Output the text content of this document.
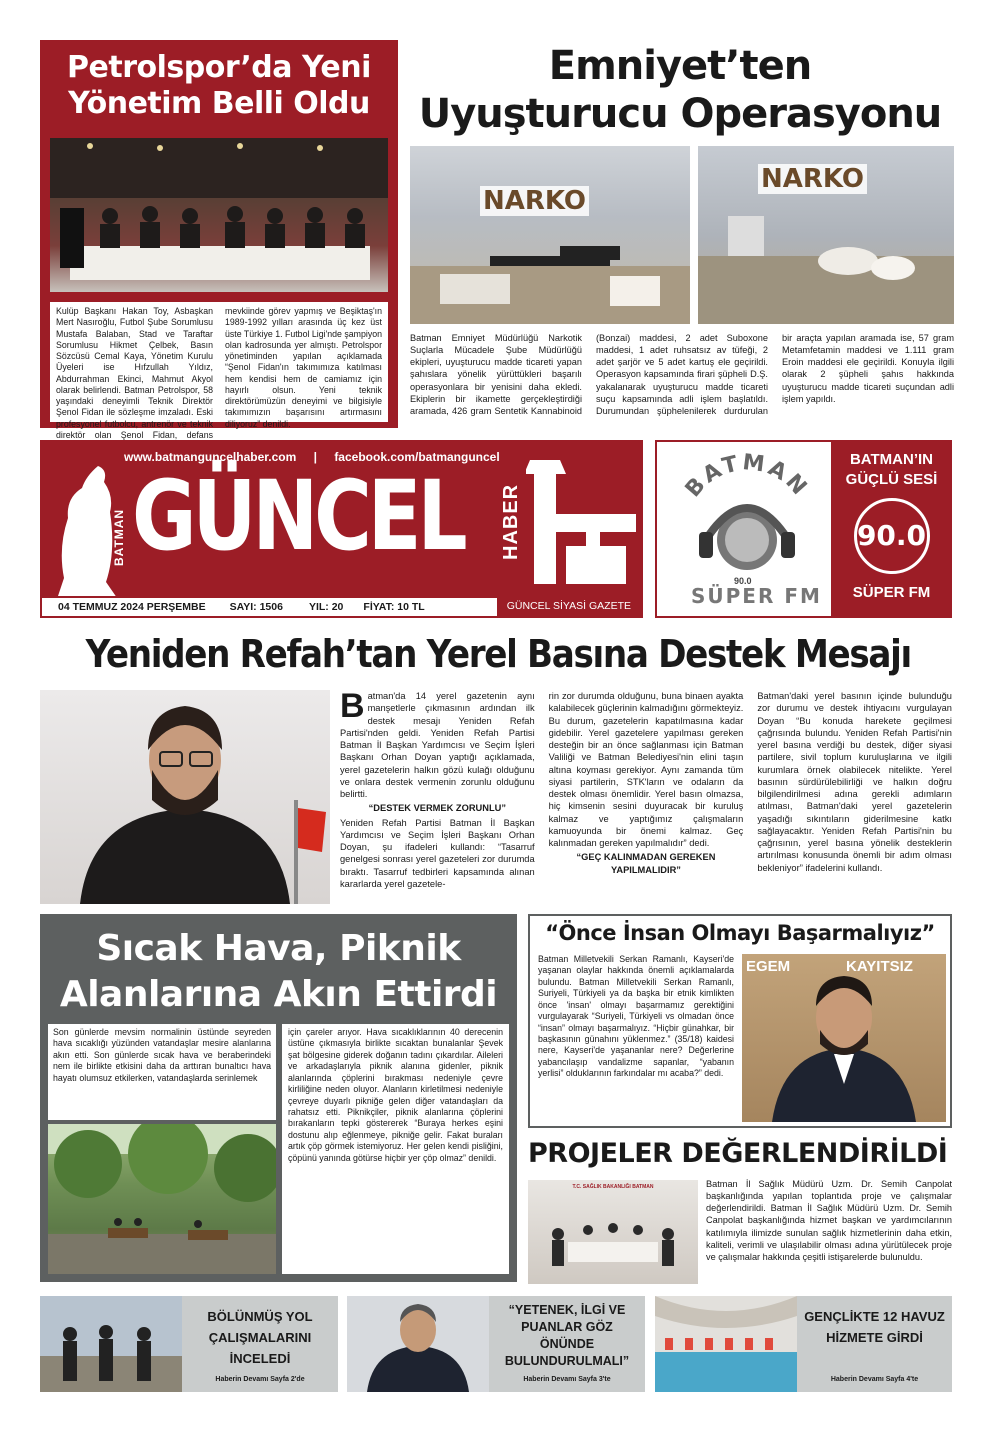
Petrolspor’da Yeni
Yönetim Belli Oldu
Kulüp Başkanı Hakan Toy, Asbaşkan Mert Nasıroğlu, Futbol Şube Sorumlusu Mustafa Balaban, Stad ve Taraftar Sorumlusu Hikmet Çelbek, Basın Sözcüsü Cemal Kaya, Yönetim Kurulu Üyeleri ise Hıfzullah Yıldız, Abdurrahman Ekinci, Mahmut Akyol olarak belirlendi. Batman Petrolspor, 58 yaşındaki deneyimli Teknik Direktör Şenol Fidan ile sözleşme imzaladı. Eski profesyonel futbolcu, antrenör ve teknik direktör olan Şenol Fidan, defans mevkiinde görev yapmış ve Beşiktaş'ın 1989-1992 yılları arasında üç kez üst üste Türkiye 1. Futbol Ligi'nde şampiyon olan kadrosunda yer almıştı. Petrolspor yönetiminden yapılan açıklamada “Şenol Fidan'ın takımımıza katılması hem kendisi hem de camiamız için hayırlı olsun. Yeni teknik direktörümüzün deneyimi ve bilgisiyle takımımızın başarısını artırmasını diliyoruz” denildi.
Emniyet’ten
Uyuşturucu Operasyonu
NARKO
NARKO
Batman Emniyet Müdürlüğü Narkotik Suçlarla Mücadele Şube Müdürlüğü ekipleri, uyuşturucu madde ticareti yapan şahıslara yönelik yürüttükleri başarılı operasyonlara bir yenisini daha ekledi. Ekiplerin bir ikamette gerçekleştirdiği aramada, 426 gram Sentetik Kannabinoid (Bonzai) maddesi, 2 adet Suboxone maddesi, 1 adet ruhsatsız av tüfeği, 2 adet şarjör ve 5 adet kartuş ele geçirildi. Operasyon kapsamında firari şüpheli D.Ş. yakalanarak uyuşturucu madde ticareti suçu kapsamında adli işlem başlatıldı. Durumundan şüphelenilerek durdurulan bir araçta yapılan aramada ise, 57 gram Metamfetamin maddesi ve 1.111 gram Eroin maddesi ele geçirildi. Konuyla ilgili olarak 2 şüpheli şahıs hakkında uyuşturucu madde ticareti suçundan adli işlem yapıldı.
www.batmanguncelhaber.com | facebook.com/batmanguncel
BATMAN GÜNCEL HABER
04 TEMMUZ 2024 PERŞEMBE SAYI: 1506 YIL: 20 FİYAT: 10 TL	GÜNCEL SİYASİ GAZETE
BATMAN
90.0
SÜPER FM
BATMAN’IN GÜÇLÜ SESİ
90.0
SÜPER FM
Yeniden Refah’tan Yerel Basına Destek Mesajı
Batman'da 14 yerel gazetenin aynı manşetlerle çıkmasının ardından ilk destek mesajı Yeniden Refah Partisi'nden geldi. Yeniden Refah Partisi Batman İl Başkan Yardımcısı ve Seçim İşleri Başkanı Orhan Doyan yaptığı açıklamada, yerel gazetelerin halkın gözü kulağı olduğunu ve onlara destek vermenin zorunlu olduğunu belirtti.
“DESTEK VERMEK ZORUNLU”
Yeniden Refah Partisi Batman İl Başkan Yardımcısı ve Seçim İşleri Başkanı Orhan Doyan, şu ifadeleri kullandı: “Tasarruf genelgesi sonrası yerel gazeteleri zor durumda bıraktı. Tasarruf tedbirleri kapsamında alınan kararlarda yerel gazetele-
rin zor durumda olduğunu, buna binaen ayakta kalabilecek güçlerinin kalmadığını görmekteyiz. Bu durum, gazetelerin kapatılmasına kadar gidebilir. Yerel gazetelere yapılması gereken desteğin bir an önce sağlanması için Batman Valiliği ve Batman Belediyesi'nin elini taşın altına koyması gerekiyor. Aynı zamanda tüm siyasi partilerin, STK'ların ve odaların da destek olması önemlidir. Yerel basın olmazsa, hiç kimsenin sesini duyuracak bir kuruluş kalmaz ve yaptığımız çalışmaların kamuoyunda bir önemi kalmaz. Geç kalınmadan gereken yapılmalıdır” dedi.
“GEÇ KALINMADAN GEREKEN YAPILMALIDIR”
Batman'daki yerel basının içinde bulunduğu zor durumu ve destek ihtiyacını vurgulayan Doyan “Bu konuda harekete geçilmesi çağrısında bulundu. Yeniden Refah Partisi'nin yerel basına verdiği bu destek, diğer siyasi partilere, sivil toplum kuruluşlarına ve ilgili kurumlara örnek olabilecek nitelikte. Yerel basının sürdürülebilirliği ve halkın doğru bilgilendirilmesi adına gerekli adımların atılması, Batman'daki yerel gazetelerin yaşadığı sıkıntıların giderilmesine katkı sağlayacaktır. Yeniden Refah Partisi'nin bu çağrısının, yerel basına yönelik desteklerin artırılması konusunda önemli bir adım olması bekleniyor” ifadelerini kullandı.
Sıcak Hava, Piknik
Alanlarına Akın Ettirdi
Son günlerde mevsim normalinin üstünde seyreden hava sıcaklığı yüzünden vatandaşlar mesire alanlarına akın etti. Son günlerde sıcak hava ve beraberindeki nem ile birlikte etkisini daha da arttıran bunaltıcı hava hayatı olumsuz etkilerken, vatandaşlarda serinlemek
için çareler arıyor. Hava sıcaklıklarının 40 derecenin üstüne çıkmasıyla birlikte sıcaktan bunalanlar Şevek şat bölgesine giderek doğanın tadını çıkardılar. Aileleri ve arkadaşlarıyla piknik alanına gidenler, piknik alanlarında çöplerini bırakması nedeniyle çevre kirliliğine neden oluyor. Alanların kirletilmesi nedeniyle çevreye duyarlı pikniğe gelen diğer vatandaşları da rahatsız etti. Piknikçiler, piknik alanlarına çöplerini bırakanların tepki göstererek “Buraya herkes eşini dostunu alıp eğlenmeye, pikniğe gelir. Fakat buraları artık çöp görmek istemiyoruz. Her gelen kendi pisliğini, çöpünü yanında götürse hiçbir yer çöp olmaz” denildi.
“Önce İnsan Olmayı Başarmalıyız”
Batman Milletvekili Serkan Ramanlı, Kayseri'de yaşanan olaylar hakkında önemli açıklamalarda bulundu. Batman Milletvekili Serkan Ramanlı, Suriyeli, Türkiyeli ya da başka bir etnik kimlikten önce 'insan' olmayı başarmamız gerektiğini vurgulayarak “Suriyeli, Türkiyeli vs olmadan önce “insan” olmayı başarmalıyız. “Hiçbir günahkar, bir başkasının günahını yüklenmez.” (35/18) kaidesi nere, Kayseri'de yaşananlar nere? Değerlerine yabancılaşıp vandalizme sapanlar, “yabanın yerlisi” olduklarının farkındalar mı acaba?” dedi.
EGEM	KAYITSIZ
PROJELER DEĞERLENDİRİLDİ
T.C. SAĞLIK BAKANLIĞI BATMAN	Batman İl Sağlık Müdürü Uzm. Dr. Semih Canpolat başkanlığında yapılan toplantıda proje ve çalışmalar değerlendirildi. Batman İl Sağlık Müdürü Uzm. Dr. Semih Canpolat başkanlığında hizmet başkan ve yardımcılarının katılımıyla ilimizde sunulan sağlık hizmetlerinin daha etkin, kaliteli, verimli ve ulaşılabilir olması adına yürütülecek proje ve çalışmalar hakkında çeşitli istişarelerde bulunuldu.
BÖLÜNMÜŞ YOL ÇALIŞMALARINI İNCELEDİ
Haberin Devamı Sayfa 2'de
“YETENEK, İLGİ VE PUANLAR GÖZ ÖNÜNDE BULUNDURULMALI”
Haberin Devamı Sayfa 3'te
GENÇLİKTE 12 HAVUZ HİZMETE GİRDİ
Haberin Devamı Sayfa 4'te
